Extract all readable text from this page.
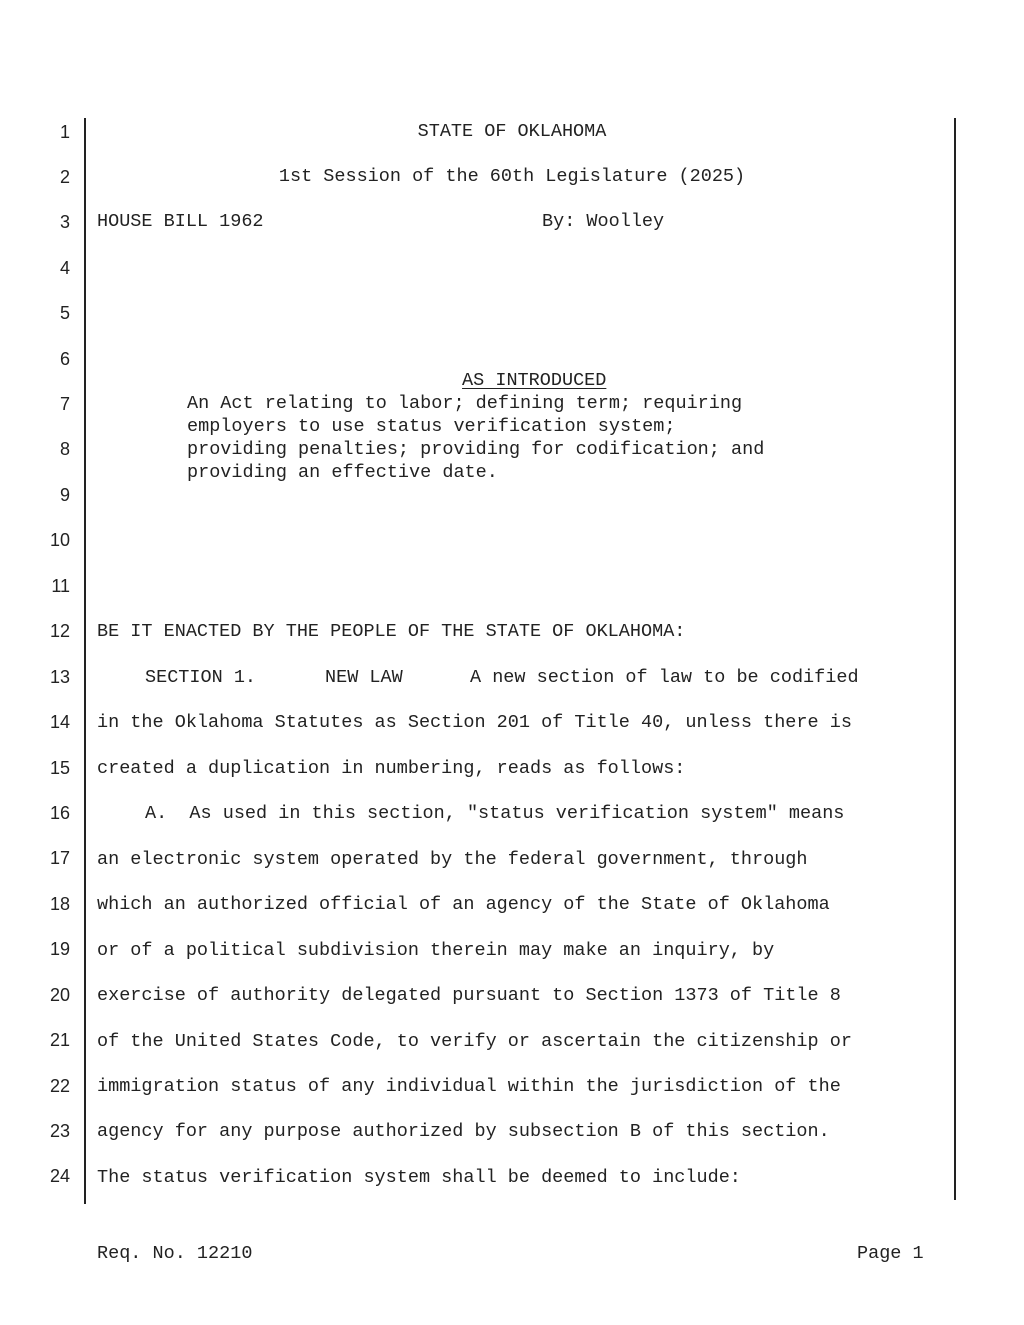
1
2
3
4
5
6
7
8
9
10
11
12
13
14
15
16
17
18
19
20
21
22
23
24
STATE OF OKLAHOMA
1st Session of the 60th Legislature (2025)
HOUSE BILL 1962	By: Woolley

AS INTRODUCED

An Act relating to labor; defining term; requiring
employers to use status verification system;
providing penalties; providing for codification; and
providing an effective date.
BE IT ENACTED BY THE PEOPLE OF THE STATE OF OKLAHOMA:
SECTION 1.	NEW LAW	A new section of law to be codified
in the Oklahoma Statutes as Section 201 of Title 40, unless there is
created a duplication in numbering, reads as follows:
A.  As used in this section, "status verification system" means
an electronic system operated by the federal government, through
which an authorized official of an agency of the State of Oklahoma
or of a political subdivision therein may make an inquiry, by
exercise of authority delegated pursuant to Section 1373 of Title 8
of the United States Code, to verify or ascertain the citizenship or
immigration status of any individual within the jurisdiction of the
agency for any purpose authorized by subsection B of this section.
The status verification system shall be deemed to include:
Req. No. 12210	Page 1
